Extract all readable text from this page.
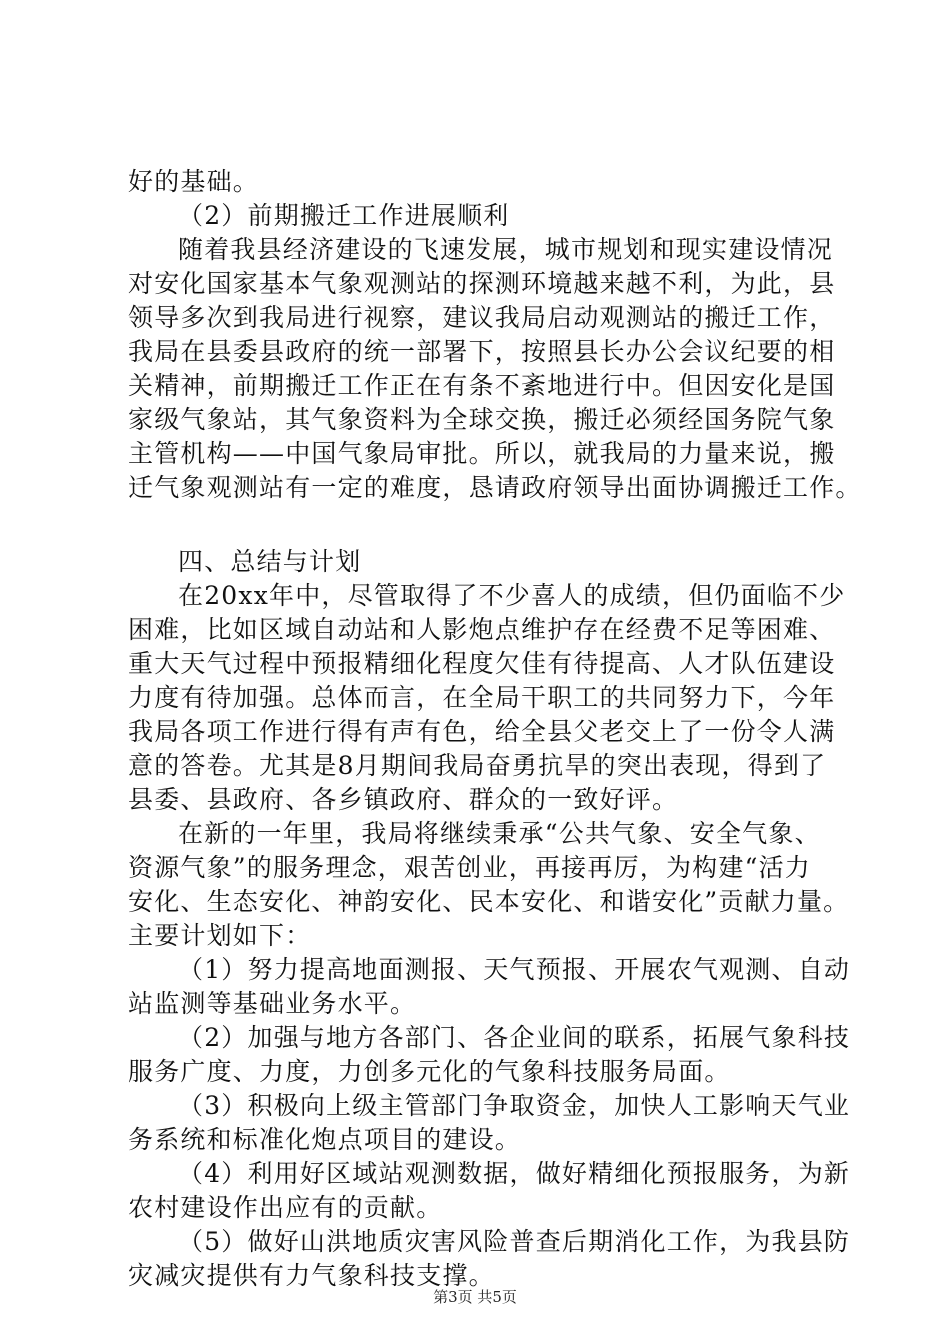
好的基础。
（2）前期搬迁工作进展顺利
随着我县经济建设的飞速发展，城市规划和现实建设情况
对安化国家基本气象观测站的探测环境越来越不利，为此，县
领导多次到我局进行视察，建议我局启动观测站的搬迁工作，
我局在县委县政府的统一部署下，按照县长办公会议纪要的相
关精神，前期搬迁工作正在有条不紊地进行中。但因安化是国
家级气象站，其气象资料为全球交换，搬迁必须经国务院气象
主管机构——中国气象局审批。所以，就我局的力量来说，搬
迁气象观测站有一定的难度，恳请政府领导出面协调搬迁工作。
四、总结与计划
在20xx年中，尽管取得了不少喜人的成绩，但仍面临不少
困难，比如区域自动站和人影炮点维护存在经费不足等困难、
重大天气过程中预报精细化程度欠佳有待提高、人才队伍建设
力度有待加强。总体而言，在全局干职工的共同努力下，今年
我局各项工作进行得有声有色，给全县父老交上了一份令人满
意的答卷。尤其是8月期间我局奋勇抗旱的突出表现，得到了
县委、县政府、各乡镇政府、群众的一致好评。
在新的一年里，我局将继续秉承“公共气象、安全气象、
资源气象”的服务理念，艰苦创业，再接再厉，为构建“活力
安化、生态安化、神韵安化、民本安化、和谐安化”贡献力量。
主要计划如下：
（1）努力提高地面测报、天气预报、开展农气观测、自动
站监测等基础业务水平。
（2）加强与地方各部门、各企业间的联系，拓展气象科技
服务广度、力度，力创多元化的气象科技服务局面。
（3）积极向上级主管部门争取资金，加快人工影响天气业
务系统和标准化炮点项目的建设。
（4）利用好区域站观测数据，做好精细化预报服务，为新
农村建设作出应有的贡献。
（5）做好山洪地质灾害风险普查后期消化工作，为我县防
灾减灾提供有力气象科技支撑。
第3页 共5页
